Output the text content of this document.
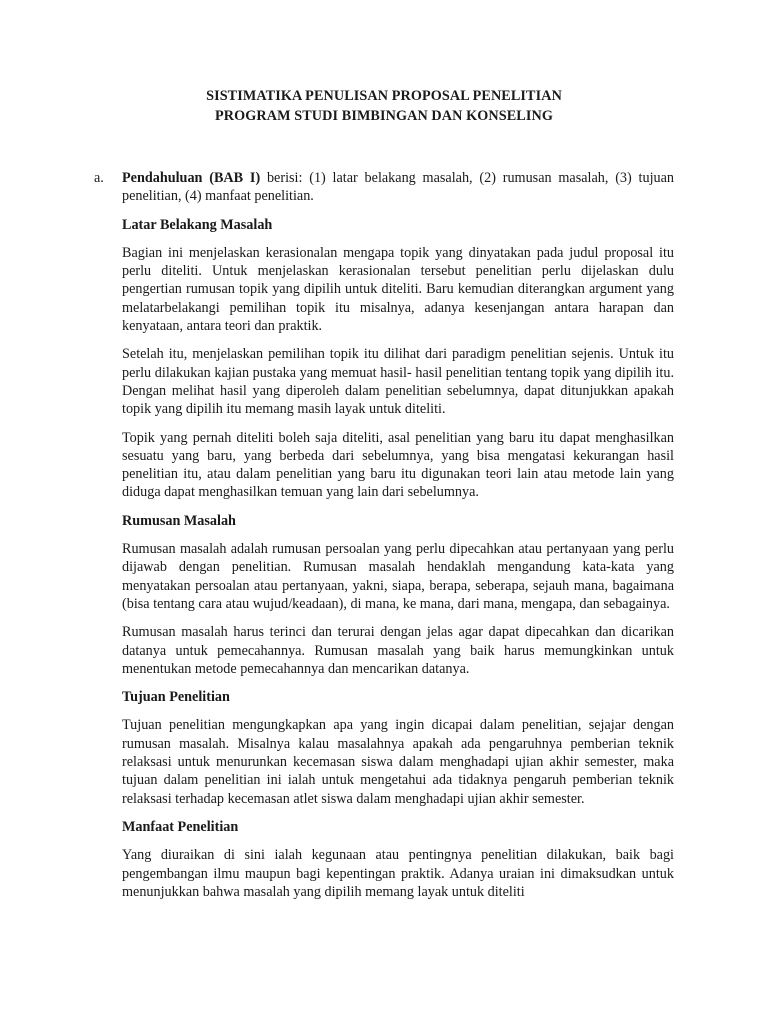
SISTIMATIKA PENULISAN PROPOSAL PENELITIAN
PROGRAM STUDI BIMBINGAN DAN KONSELING
a.	Pendahuluan (BAB I) berisi: (1) latar belakang masalah, (2) rumusan masalah, (3) tujuan penelitian, (4) manfaat penelitian.

Latar Belakang Masalah

Bagian ini menjelaskan kerasionalan mengapa topik yang dinyatakan pada judul proposal itu perlu diteliti. Untuk menjelaskan kerasionalan tersebut penelitian perlu dijelaskan dulu pengertian rumusan topik yang dipilih untuk diteliti. Baru kemudian diterangkan argument yang melatarbelakangi pemilihan topik itu misalnya, adanya kesenjangan antara harapan dan kenyataan, antara teori dan praktik.

Setelah itu, menjelaskan pemilihan topik itu dilihat dari paradigm penelitian sejenis. Untuk itu perlu dilakukan kajian pustaka yang memuat hasil- hasil penelitian tentang topik yang dipilih itu. Dengan melihat hasil yang diperoleh dalam penelitian sebelumnya, dapat ditunjukkan apakah topik yang dipilih itu memang masih layak untuk diteliti.

Topik yang pernah diteliti boleh saja diteliti, asal penelitian yang baru itu dapat menghasilkan sesuatu yang baru, yang berbeda dari sebelumnya, yang bisa mengatasi kekurangan hasil penelitian itu, atau dalam penelitian yang baru itu digunakan teori lain atau metode lain yang diduga dapat menghasilkan temuan yang lain dari sebelumnya.

Rumusan Masalah

Rumusan masalah adalah rumusan persoalan yang perlu dipecahkan atau pertanyaan yang perlu dijawab dengan penelitian. Rumusan masalah hendaklah mengandung kata-kata yang menyatakan persoalan atau pertanyaan, yakni, siapa, berapa, seberapa, sejauh mana, bagaimana (bisa tentang cara atau wujud/keadaan), di mana, ke mana, dari mana, mengapa, dan sebagainya.

Rumusan masalah harus terinci dan terurai dengan jelas agar dapat dipecahkan dan dicarikan datanya untuk pemecahannya. Rumusan masalah yang baik harus memungkinkan untuk menentukan metode pemecahannya dan mencarikan datanya.

Tujuan Penelitian

Tujuan penelitian mengungkapkan apa yang ingin dicapai dalam penelitian, sejajar dengan rumusan masalah. Misalnya kalau masalahnya apakah ada pengaruhnya pemberian teknik relaksasi untuk menurunkan kecemasan siswa dalam menghadapi ujian akhir semester, maka tujuan dalam penelitian ini ialah untuk mengetahui ada tidaknya pengaruh pemberian teknik relaksasi terhadap kecemasan atlet siswa dalam menghadapi ujian akhir semester.

Manfaat Penelitian

Yang diuraikan di sini ialah kegunaan atau pentingnya penelitian dilakukan, baik bagi pengembangan ilmu maupun bagi kepentingan praktik. Adanya uraian ini dimaksudkan untuk menunjukkan bahwa masalah yang dipilih memang layak untuk diteliti
